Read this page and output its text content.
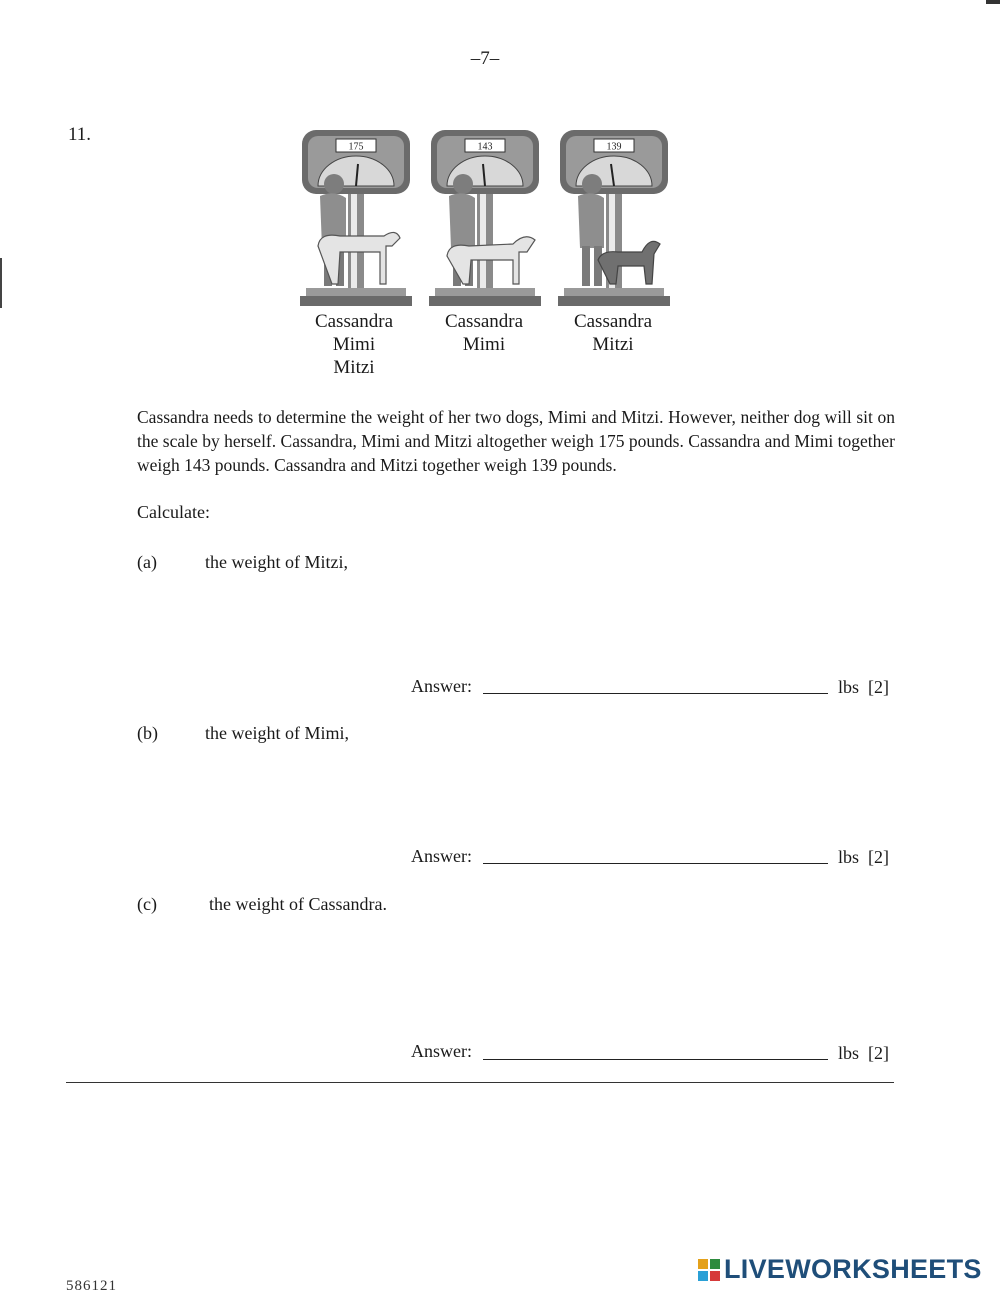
–7–
11.
175	143	139
Cassandra
Mimi
Mitzi
Cassandra
Mimi
Cassandra
Mitzi
Cassandra needs to determine the weight of her two dogs, Mimi and Mitzi. However, neither dog will sit on the scale by herself. Cassandra, Mimi and Mitzi altogether weigh 175 pounds. Cassandra and Mimi together weigh 143 pounds. Cassandra and Mitzi together weigh 139 pounds.
Calculate:
(a)	the weight of Mitzi,
Answer:	lbs [2]
(b)	the weight of Mimi,
Answer:	lbs [2]
(c)	the weight of Cassandra.
Answer:	lbs [2]
586121
LIVEWORKSHEETS
